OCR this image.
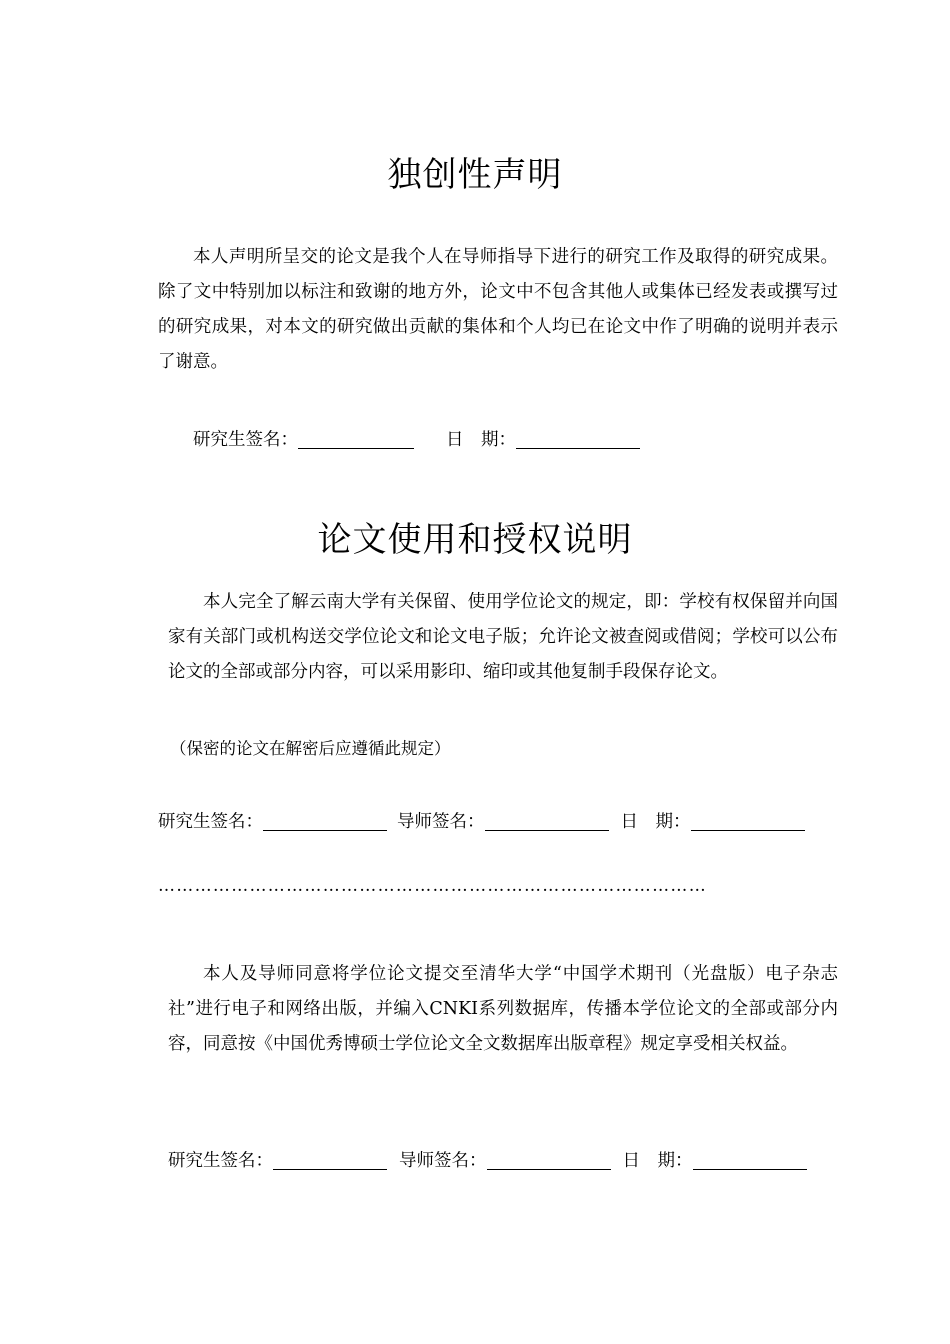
独创性声明

本人声明所呈交的论文是我个人在导师指导下进行的研究工作及取得的研究成果。除了文中特别加以标注和致谢的地方外，论文中不包含其他人或集体已经发表或撰写过的研究成果，对本文的研究做出贡献的集体和个人均已在论文中作了明确的说明并表示了谢意。

研究生签名：	日　期：
论文使用和授权说明

本人完全了解云南大学有关保留、使用学位论文的规定，即：学校有权保留并向国家有关部门或机构送交学位论文和论文电子版；允许论文被查阅或借阅；学校可以公布论文的全部或部分内容，可以采用影印、缩印或其他复制手段保存论文。

（保密的论文在解密后应遵循此规定）
研究生签名：	导师签名：	日　期：
………………………………………………………………………………

本人及导师同意将学位论文提交至清华大学“中国学术期刊（光盘版）电子杂志社”进行电子和网络出版，并编入CNKI系列数据库，传播本学位论文的全部或部分内容，同意按《中国优秀博硕士学位论文全文数据库出版章程》规定享受相关权益。

研究生签名：	导师签名：	日　期：
